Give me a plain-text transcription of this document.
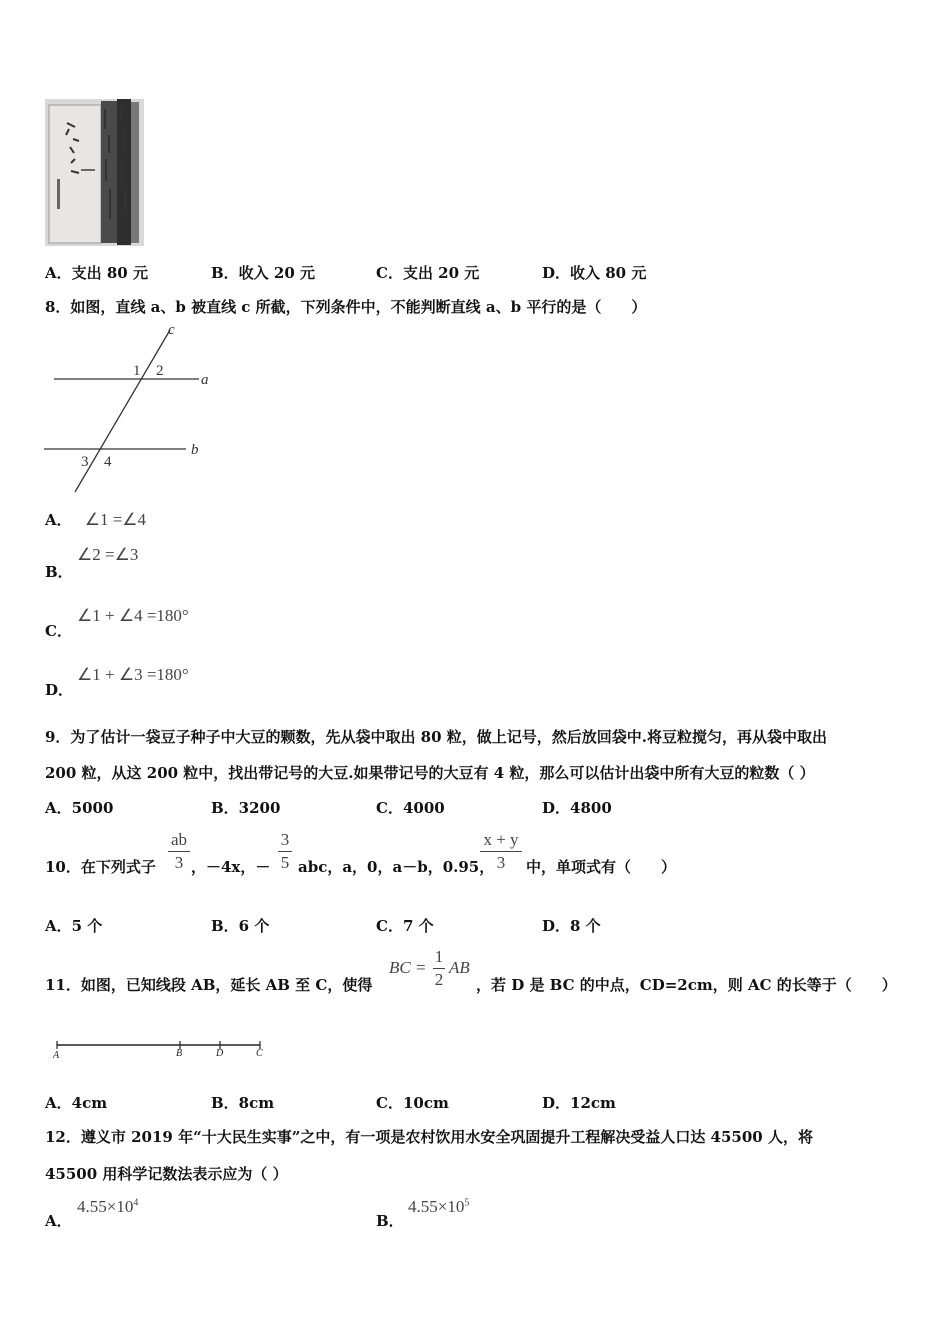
A．支出 80 元	B．收入 20 元	C．支出 20 元	D．收入 80 元
8．如图，直线 a、b 被直线 c 所截，下列条件中，不能判断直线 a、b 平行的是（　　）
c
a
b
1 2
3 4
A． ∠1 =∠4
∠2 =∠3
B．
∠1 + ∠4 =180°
C．
∠1 + ∠3 =180°
D．
9．为了估计一袋豆子种子中大豆的颗数，先从袋中取出 80 粒，做上记号，然后放回袋中.将豆粒搅匀，再从袋中取出
200 粒，从这 200 粒中，找出带记号的大豆.如果带记号的大豆有 4 粒，那么可以估计出袋中所有大豆的粒数（ ）
A．5000	B．3200	C．4000	D．4800
10．在下列式子
ab
3 ，－4x，－
3
5 abc，a，0，a－b，0.95，
x + y
3	中，单项式有（　　）
A．5 个	B．6 个	C．7 个	D．8 个
11．如图，已知线段 AB，延长 AB 至 C，使得
BC =
1
2
AB
，若 D 是 BC 的中点，CD=2cm，则 AC 的长等于（　　）
A	B	D	C
A．4cm	B．8cm	C．10cm	D．12cm
12．遵义市 2019 年“十大民生实事”之中，有一项是农村饮用水安全巩固提升工程解决受益人口达 45500 人，将
45500 用科学记数法表示应为（ ）
$4.55\times 10^4$
A．
$4.55\times 10^5$
B．
